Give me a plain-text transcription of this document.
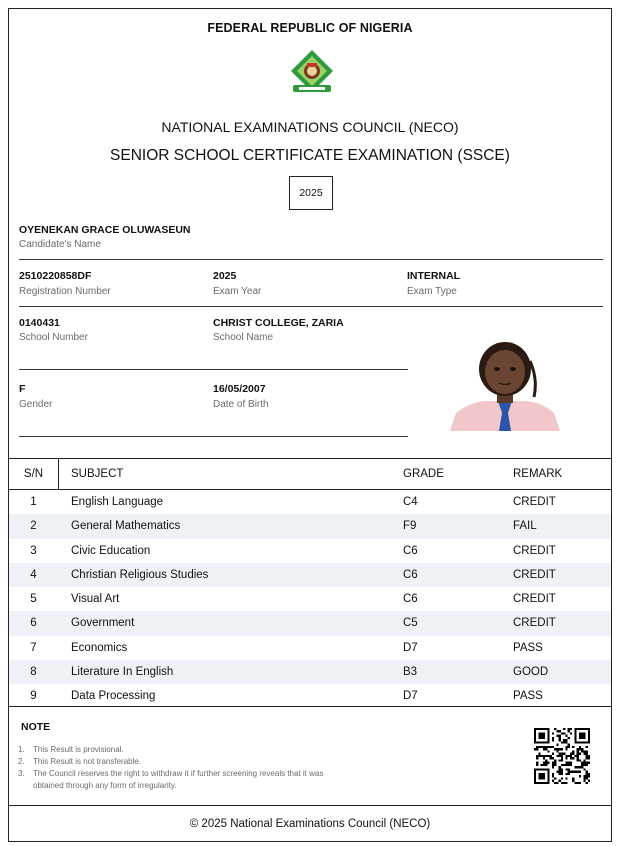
FEDERAL REPUBLIC OF NIGERIA
NATIONAL EXAMINATIONS COUNCIL (NECO)
SENIOR SCHOOL CERTIFICATE EXAMINATION (SSCE)
2025
OYENEKAN GRACE OLUWASEUN
Candidate's Name
2510220858DF
Registration Number
2025
Exam Year
INTERNAL
Exam Type
0140431
School Number
CHRIST COLLEGE, ZARIA
School Name
F
Gender
16/05/2007
Date of Birth
S/N	SUBJECT	GRADE	REMARK
1	English Language	C4	CREDIT
2	General Mathematics	F9	FAIL
3	Civic Education	C6	CREDIT
4	Christian Religious Studies	C6	CREDIT
5	Visual Art	C6	CREDIT
6	Government	C5	CREDIT
7	Economics	D7	PASS
8	Literature In English	B3	GOOD
9	Data Processing	D7	PASS
NOTE
1. This Result is provisional.
2. This Result is not transferable.
3. The Council reserves the right to withdraw it if further screening reveals that it was obtained through any form of irregularity.
© 2025 National Examinations Council (NECO)
